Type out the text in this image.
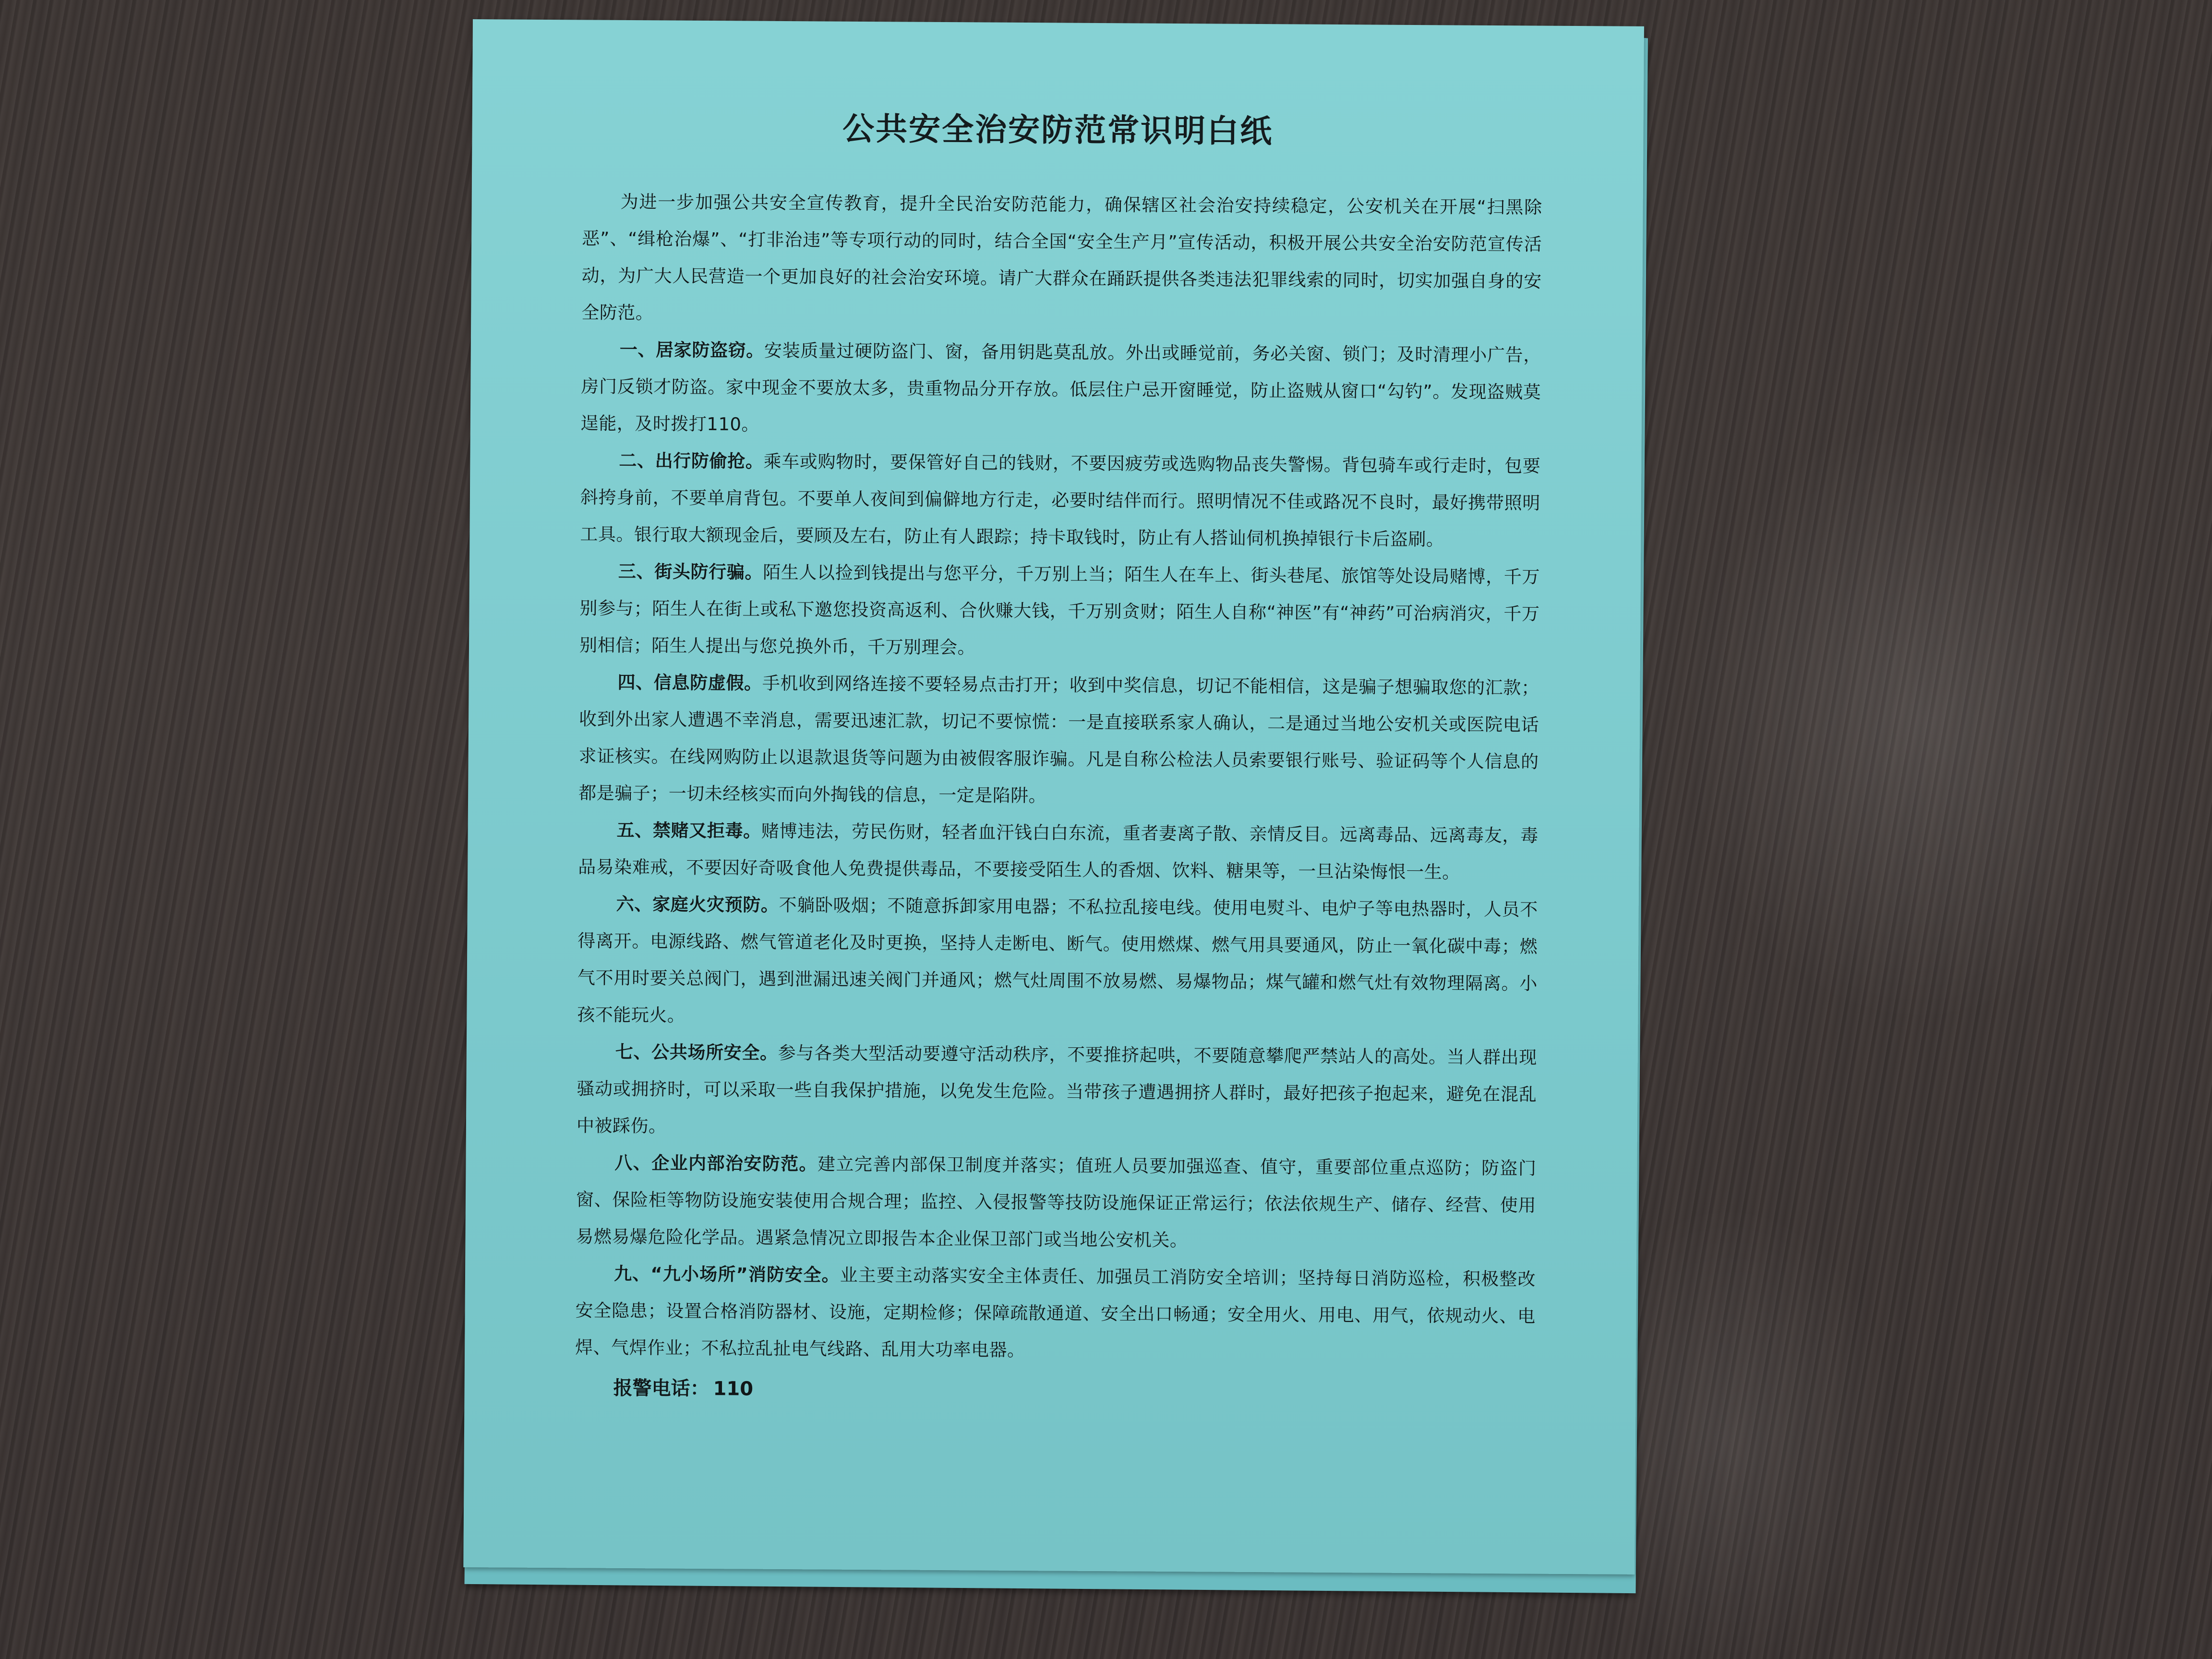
公共安全治安防范常识明白纸

为进一步加强公共安全宣传教育，提升全民治安防范能力，确保辖区社会治安持续稳定，公安机关在开展“扫黑除恶”、“缉枪治爆”、“打非治违”等专项行动的同时，结合全国“安全生产月”宣传活动，积极开展公共安全治安防范宣传活动，为广大人民营造一个更加良好的社会治安环境。请广大群众在踊跃提供各类违法犯罪线索的同时，切实加强自身的安全防范。

一、居家防盗窃。安装质量过硬防盗门、窗，备用钥匙莫乱放。外出或睡觉前，务必关窗、锁门；及时清理小广告，房门反锁才防盗。家中现金不要放太多，贵重物品分开存放。低层住户忌开窗睡觉，防止盗贼从窗口“勾钓”。发现盗贼莫逞能，及时拨打110。

二、出行防偷抢。乘车或购物时，要保管好自己的钱财，不要因疲劳或选购物品丧失警惕。背包骑车或行走时，包要斜挎身前，不要单肩背包。不要单人夜间到偏僻地方行走，必要时结伴而行。照明情况不佳或路况不良时，最好携带照明工具。银行取大额现金后，要顾及左右，防止有人跟踪；持卡取钱时，防止有人搭讪伺机换掉银行卡后盗刷。

三、街头防行骗。陌生人以捡到钱提出与您平分，千万别上当；陌生人在车上、街头巷尾、旅馆等处设局赌博，千万别参与；陌生人在街上或私下邀您投资高返利、合伙赚大钱，千万别贪财；陌生人自称“神医”有“神药”可治病消灾，千万别相信；陌生人提出与您兑换外币，千万别理会。

四、信息防虚假。手机收到网络连接不要轻易点击打开；收到中奖信息，切记不能相信，这是骗子想骗取您的汇款；收到外出家人遭遇不幸消息，需要迅速汇款，切记不要惊慌：一是直接联系家人确认，二是通过当地公安机关或医院电话求证核实。在线网购防止以退款退货等问题为由被假客服诈骗。凡是自称公检法人员索要银行账号、验证码等个人信息的都是骗子；一切未经核实而向外掏钱的信息，一定是陷阱。

五、禁赌又拒毒。赌博违法，劳民伤财，轻者血汗钱白白东流，重者妻离子散、亲情反目。远离毒品、远离毒友，毒品易染难戒，不要因好奇吸食他人免费提供毒品，不要接受陌生人的香烟、饮料、糖果等，一旦沾染悔恨一生。

六、家庭火灾预防。不躺卧吸烟；不随意拆卸家用电器；不私拉乱接电线。使用电熨斗、电炉子等电热器时，人员不得离开。电源线路、燃气管道老化及时更换，坚持人走断电、断气。使用燃煤、燃气用具要通风，防止一氧化碳中毒；燃气不用时要关总阀门，遇到泄漏迅速关阀门并通风；燃气灶周围不放易燃、易爆物品；煤气罐和燃气灶有效物理隔离。小孩不能玩火。

七、公共场所安全。参与各类大型活动要遵守活动秩序，不要推挤起哄，不要随意攀爬严禁站人的高处。当人群出现骚动或拥挤时，可以采取一些自我保护措施，以免发生危险。当带孩子遭遇拥挤人群时，最好把孩子抱起来，避免在混乱中被踩伤。

八、企业内部治安防范。建立完善内部保卫制度并落实；值班人员要加强巡查、值守，重要部位重点巡防；防盗门窗、保险柜等物防设施安装使用合规合理；监控、入侵报警等技防设施保证正常运行；依法依规生产、储存、经营、使用易燃易爆危险化学品。遇紧急情况立即报告本企业保卫部门或当地公安机关。

九、“九小场所”消防安全。业主要主动落实安全主体责任、加强员工消防安全培训；坚持每日消防巡检，积极整改安全隐患；设置合格消防器材、设施，定期检修；保障疏散通道、安全出口畅通；安全用火、用电、用气，依规动火、电焊、气焊作业；不私拉乱扯电气线路、乱用大功率电器。

报警电话： 110
